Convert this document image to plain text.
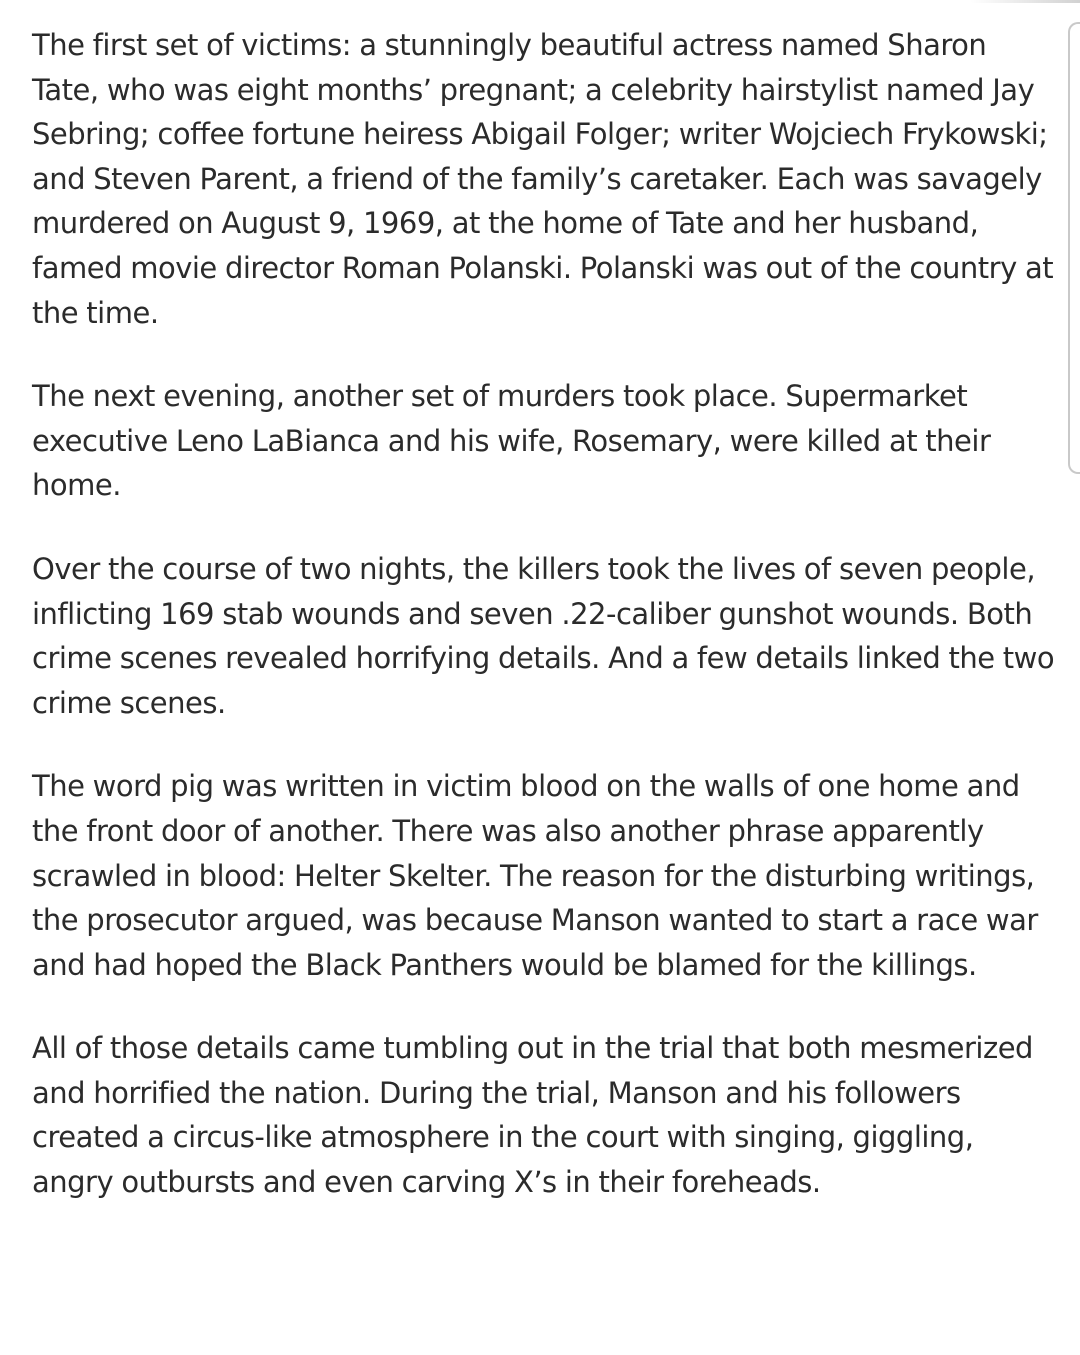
The first set of victims: a stunningly beautiful actress named Sharon Tate, who was eight months’ pregnant; a celebrity hairstylist named Jay Sebring; coffee fortune heiress Abigail Folger; writer Wojciech Frykowski; and Steven Parent, a friend of the family’s caretaker. Each was savagely murdered on August 9, 1969, at the home of Tate and her husband, famed movie director Roman Polanski. Polanski was out of the country at the time.

The next evening, another set of murders took place. Supermarket executive Leno LaBianca and his wife, Rosemary, were killed at their home.

Over the course of two nights, the killers took the lives of seven people, inflicting 169 stab wounds and seven .22-caliber gunshot wounds. Both crime scenes revealed horrifying details. And a few details linked the two crime scenes.

The word pig was written in victim blood on the walls of one home and the front door of another. There was also another phrase apparently scrawled in blood: Helter Skelter. The reason for the disturbing writings, the prosecutor argued, was because Manson wanted to start a race war and had hoped the Black Panthers would be blamed for the killings.

All of those details came tumbling out in the trial that both mesmerized and horrified the nation. During the trial, Manson and his followers created a circus-like atmosphere in the court with singing, giggling, angry outbursts and even carving X’s in their foreheads.
